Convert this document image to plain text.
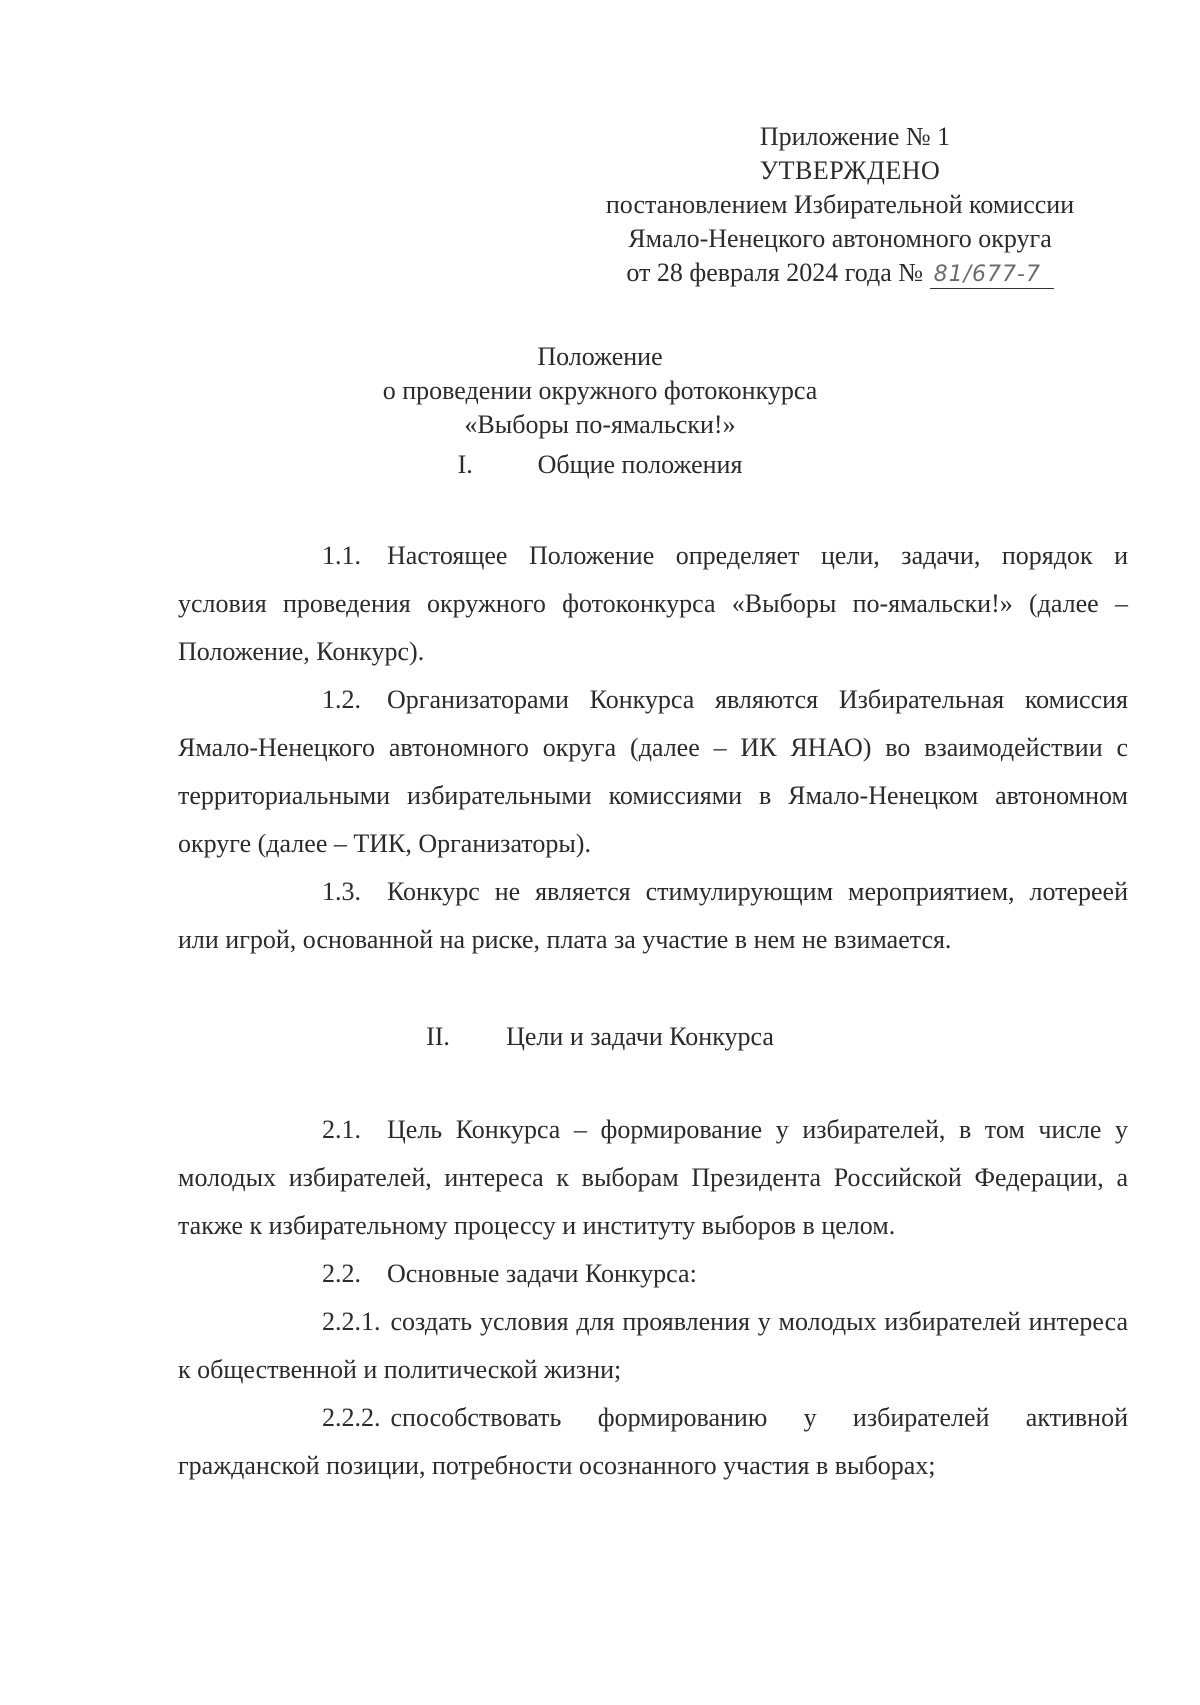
Приложение № 1
УТВЕРЖДЕНО
постановлением Избирательной комиссии
Ямало-Ненецкого автономного округа
от 28 февраля 2024 года № 81/677-7
Положение
о проведении окружного фотоконкурса
«Выборы по-ямальски!»
I. Общие положения

1.1. Настоящее Положение определяет цели, задачи, порядок и условия проведения окружного фотоконкурса «Выборы по-ямальски!» (далее – Положение, Конкурс).

1.2. Организаторами Конкурса являются Избирательная комиссия Ямало-Ненецкого автономного округа (далее – ИК ЯНАО) во взаимодействии с территориальными избирательными комиссиями в Ямало-Ненецком автономном округе (далее – ТИК, Организаторы).

1.3. Конкурс не является стимулирующим мероприятием, лотереей или игрой, основанной на риске, плата за участие в нем не взимается.

II. Цели и задачи Конкурса

2.1. Цель Конкурса – формирование у избирателей, в том числе у молодых избирателей, интереса к выборам Президента Российской Федерации, а также к избирательному процессу и институту выборов в целом.

2.2. Основные задачи Конкурса:

2.2.1. создать условия для проявления у молодых избирателей интереса к общественной и политической жизни;

2.2.2. способствовать формированию у избирателей активной гражданской позиции, потребности осознанного участия в выборах;
